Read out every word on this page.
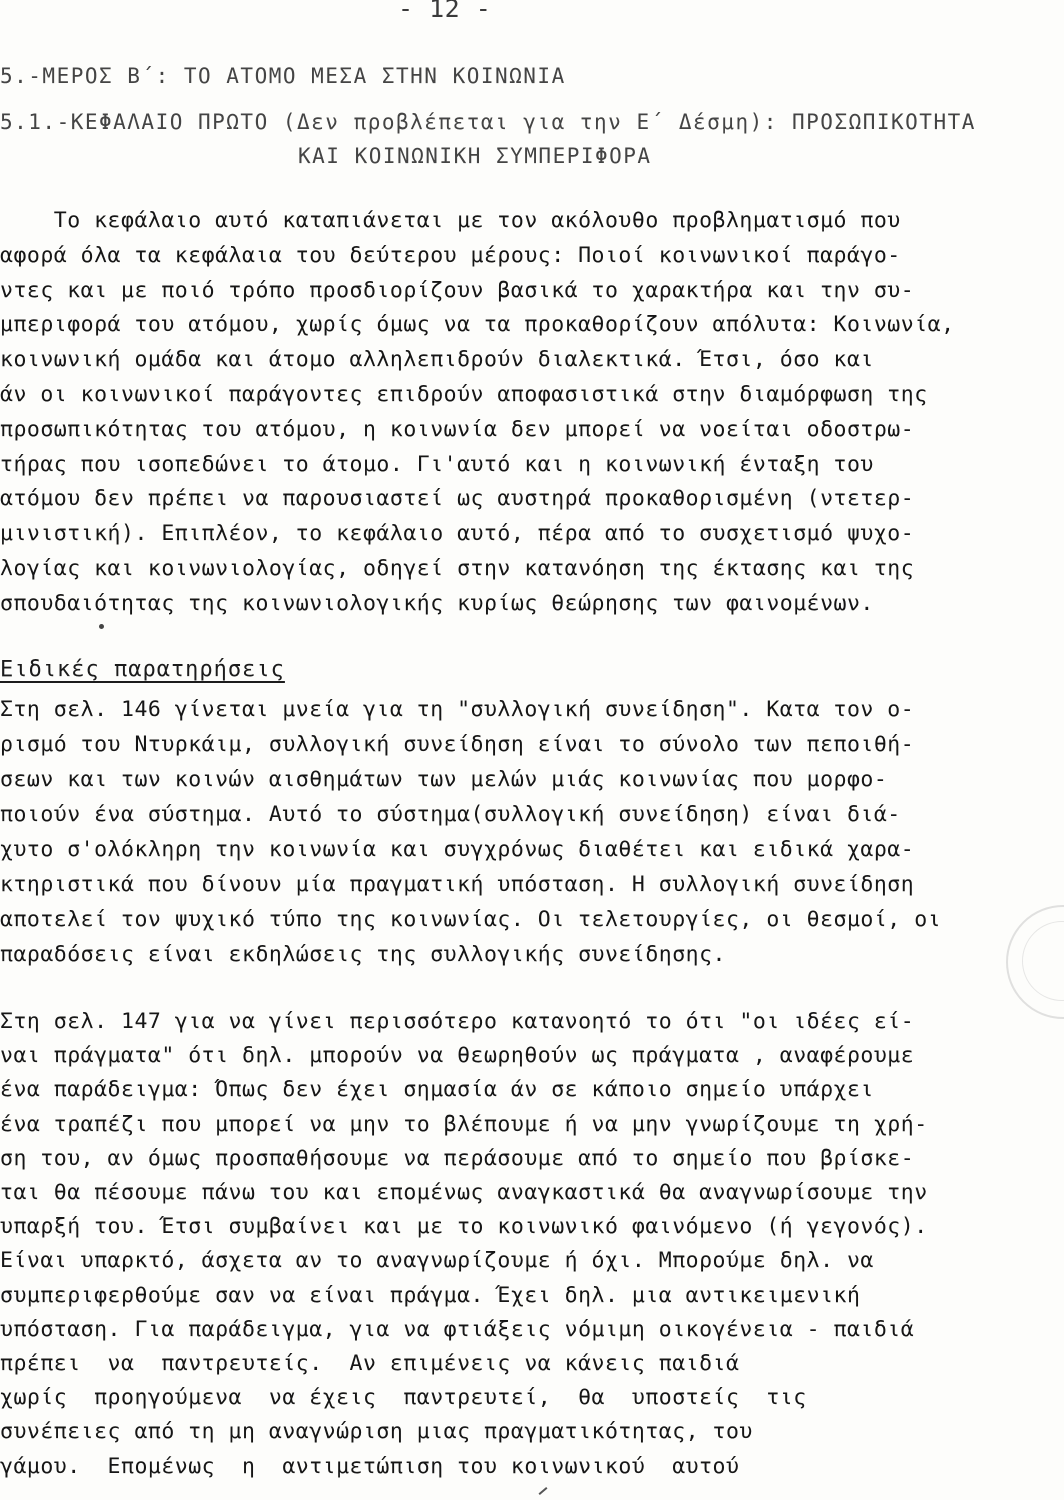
- 12 -
5.-ΜΕΡΟΣ Β΄: ΤΟ ΑΤΟΜΟ ΜΕΣΑ ΣΤΗΝ ΚΟΙΝΩΝΙΑ
5.1.-ΚΕΦΑΛΑΙΟ ΠΡΩΤΟ (Δεν προβλέπεται για την Ε΄ Δέσμη): ΠΡΟΣΩΠΙΚΟΤΗΤΑ
ΚΑΙ ΚΟΙΝΩΝΙΚΗ ΣΥΜΠΕΡΙΦΟΡΑ
Το κεφάλαιο αυτό καταπιάνεται με τον ακόλουθο προβληματισμό που
αφορά όλα τα κεφάλαια του δεύτερου μέρους: Ποιοί κοινωνικοί παράγο-
ντες και με ποιό τρόπο προσδιορίζουν βασικά το χαρακτήρα και την συ-
μπεριφορά του ατόμου, χωρίς όμως να τα προκαθορίζουν απόλυτα: Κοινωνία,
κοινωνική ομάδα και άτομο αλληλεπιδρούν διαλεκτικά. Έτσι, όσο και
άν οι κοινωνικοί παράγοντες επιδρούν αποφασιστικά στην διαμόρφωση της
προσωπικότητας του ατόμου, η κοινωνία δεν μπορεί να νοείται οδοστρω-
τήρας που ισοπεδώνει το άτομο. Γι'αυτό και η κοινωνική ένταξη του
ατόμου δεν πρέπει να παρουσιαστεί ως αυστηρά προκαθορισμένη (ντετερ-
μινιστική). Επιπλέον, το κεφάλαιο αυτό, πέρα από το συσχετισμό ψυχο-
λογίας και κοινωνιολογίας, οδηγεί στην κατανόηση της έκτασης και της
σπουδαιότητας της κοινωνιολογικής κυρίως θεώρησης των φαινομένων.
Ειδικές παρατηρήσεις
Στη σελ. 146 γίνεται μνεία για τη "συλλογική συνείδηση". Κατα τον ο-
ρισμό του Ντυρκάιμ, συλλογική συνείδηση είναι το σύνολο των πεποιθή-
σεων και των κοινών αισθημάτων των μελών μιάς κοινωνίας που μορφο-
ποιούν ένα σύστημα. Αυτό το σύστημα(συλλογική συνείδηση) είναι διά-
χυτο σ'ολόκληρη την κοινωνία και συγχρόνως διαθέτει και ειδικά χαρα-
κτηριστικά που δίνουν μία πραγματική υπόσταση. Η συλλογική συνείδηση
αποτελεί τον ψυχικό τύπο της κοινωνίας. Οι τελετουργίες, οι θεσμοί, οι
παραδόσεις είναι εκδηλώσεις της συλλογικής συνείδησης.
Στη σελ. 147 για να γίνει περισσότερο κατανοητό το ότι "οι ιδέες εί-
ναι πράγματα" ότι δηλ. μπορούν να θεωρηθούν ως πράγματα , αναφέρουμε
ένα παράδειγμα: Όπως δεν έχει σημασία άν σε κάποιο σημείο υπάρχει
ένα τραπέζι που μπορεί να μην το βλέπουμε ή να μην γνωρίζουμε τη χρή-
ση του, αν όμως προσπαθήσουμε να περάσουμε από το σημείο που βρίσκε-
ται θα πέσουμε πάνω του και επομένως αναγκαστικά θα αναγνωρίσουμε την
υπαρξή του. Έτσι συμβαίνει και με το κοινωνικό φαινόμενο (ή γεγονός).
Είναι υπαρκτό, άσχετα αν το αναγνωρίζουμε ή όχι. Μπορούμε δηλ. να
συμπεριφερθούμε σαν να είναι πράγμα. Έχει δηλ. μια αντικειμενική
υπόσταση. Για παράδειγμα, για να φτιάξεις νόμιμη οικογένεια - παιδιά
πρέπει  να  παντρευτείς.  Αν επιμένεις να κάνεις παιδιά
χωρίς  προηγούμενα  να έχεις  παντρευτεί,  θα  υποστείς  τις
συνέπειες από τη μη αναγνώριση μιας πραγματικότητας, του
γάμου.  Επομένως  η  αντιμετώπιση του κοινωνικού  αυτού
